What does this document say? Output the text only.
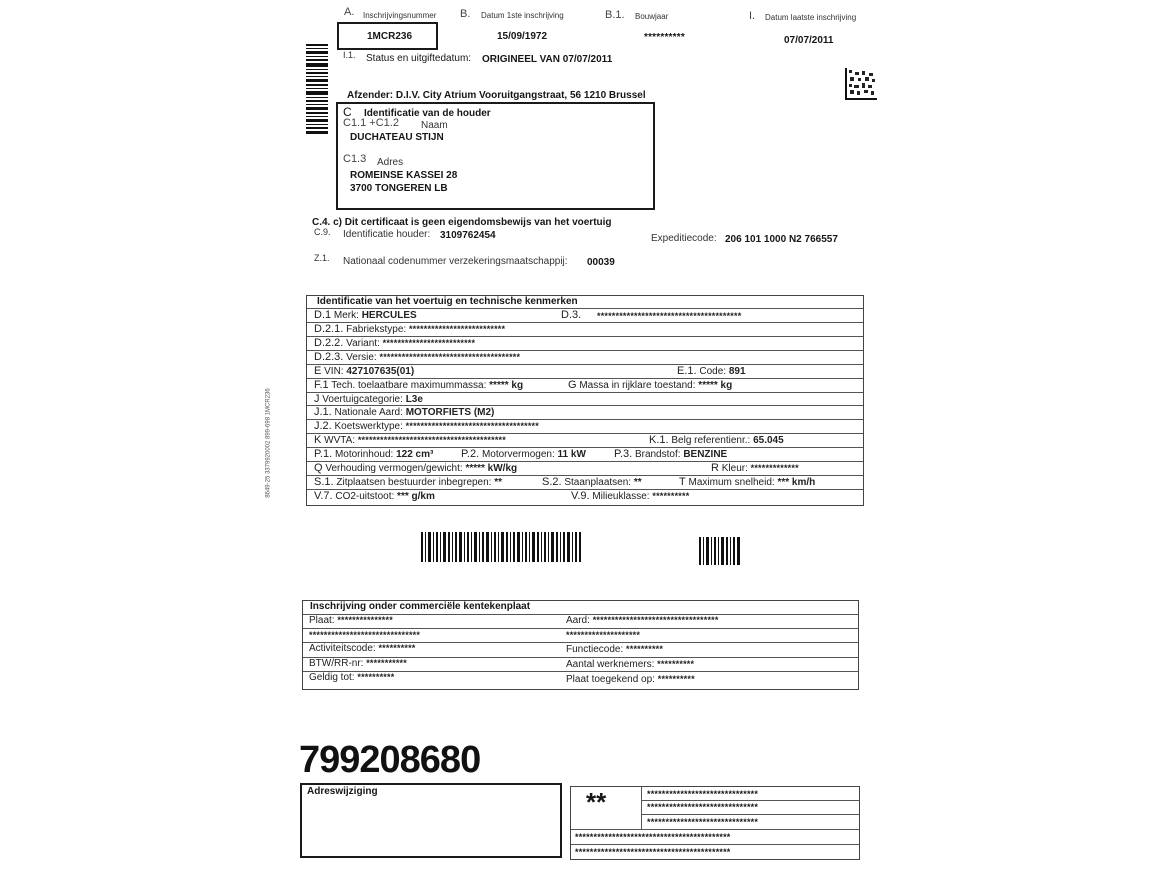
A. Inschrijvingsnummer
1MCR236
B. Datum 1ste inschrijving
15/09/1972
B.1. Bouwjaar
**********
I. Datum laatste inschrijving
07/07/2011
I.1. Status en uitgiftedatum: ORIGINEEL VAN 07/07/2011
Afzender: D.I.V. City Atrium Vooruitgangstraat, 56 1210 Brussel
C Identificatie van de houder
C1.1 +C1.2 Naam
DUCHATEAU STIJN
C1.3 Adres
ROMEINSE KASSEI 28
3700 TONGEREN LB
C.4. c) Dit certificaat is geen eigendomsbewijs van het voertuig
C.9. Identificatie houder: 3109762454	Expeditiecode: 206 101 1000 N2 766557
Z.1. Nationaal codenummer verzekeringsmaatschappij: 00039
8649-25 3379920002 899-698 1MCR236
Identificatie van het voertuig en technische kenmerken
D.1 Merk: HERCULES	D.3. ***************************************
D.2.1. Fabriekstype: **************************
D.2.2. Variant: *************************
D.2.3. Versie: **************************************
E VIN: 427107635(01)	E.1. Code: 891
F.1 Tech. toelaatbare maximummassa: ***** kg	G Massa in rijklare toestand: ***** kg
J Voertuigcategorie: L3e
J.1. Nationale Aard: MOTORFIETS (M2)
J.2. Koetswerktype: ************************************
K WVTA: ****************************************	K.1. Belg referentienr.: 65.045
P.1. Motorinhoud: 122 cm³	P.2. Motorvermogen: 11 kW	P.3. Brandstof: BENZINE
Q Verhouding vermogen/gewicht: ***** kW/kg	R Kleur: *************
S.1. Zitplaatsen bestuurder inbegrepen: **	S.2. Staanplaatsen: **	T Maximum snelheid: *** km/h
V.7. CO2-uitstoot: *** g/km	V.9. Milieuklasse: **********
Inschrijving onder commerciële kentekenplaat
Plaat: ***************	Aard: **********************************
******************************	********************
Activiteitscode: **********	Functiecode: **********
BTW/RR-nr: ***********	Aantal werknemers: **********
Geldig tot: **********	Plaat toegekend op: **********
799208680
Adreswijziging	**	******************************
******************************
******************************
******************************************
******************************************
